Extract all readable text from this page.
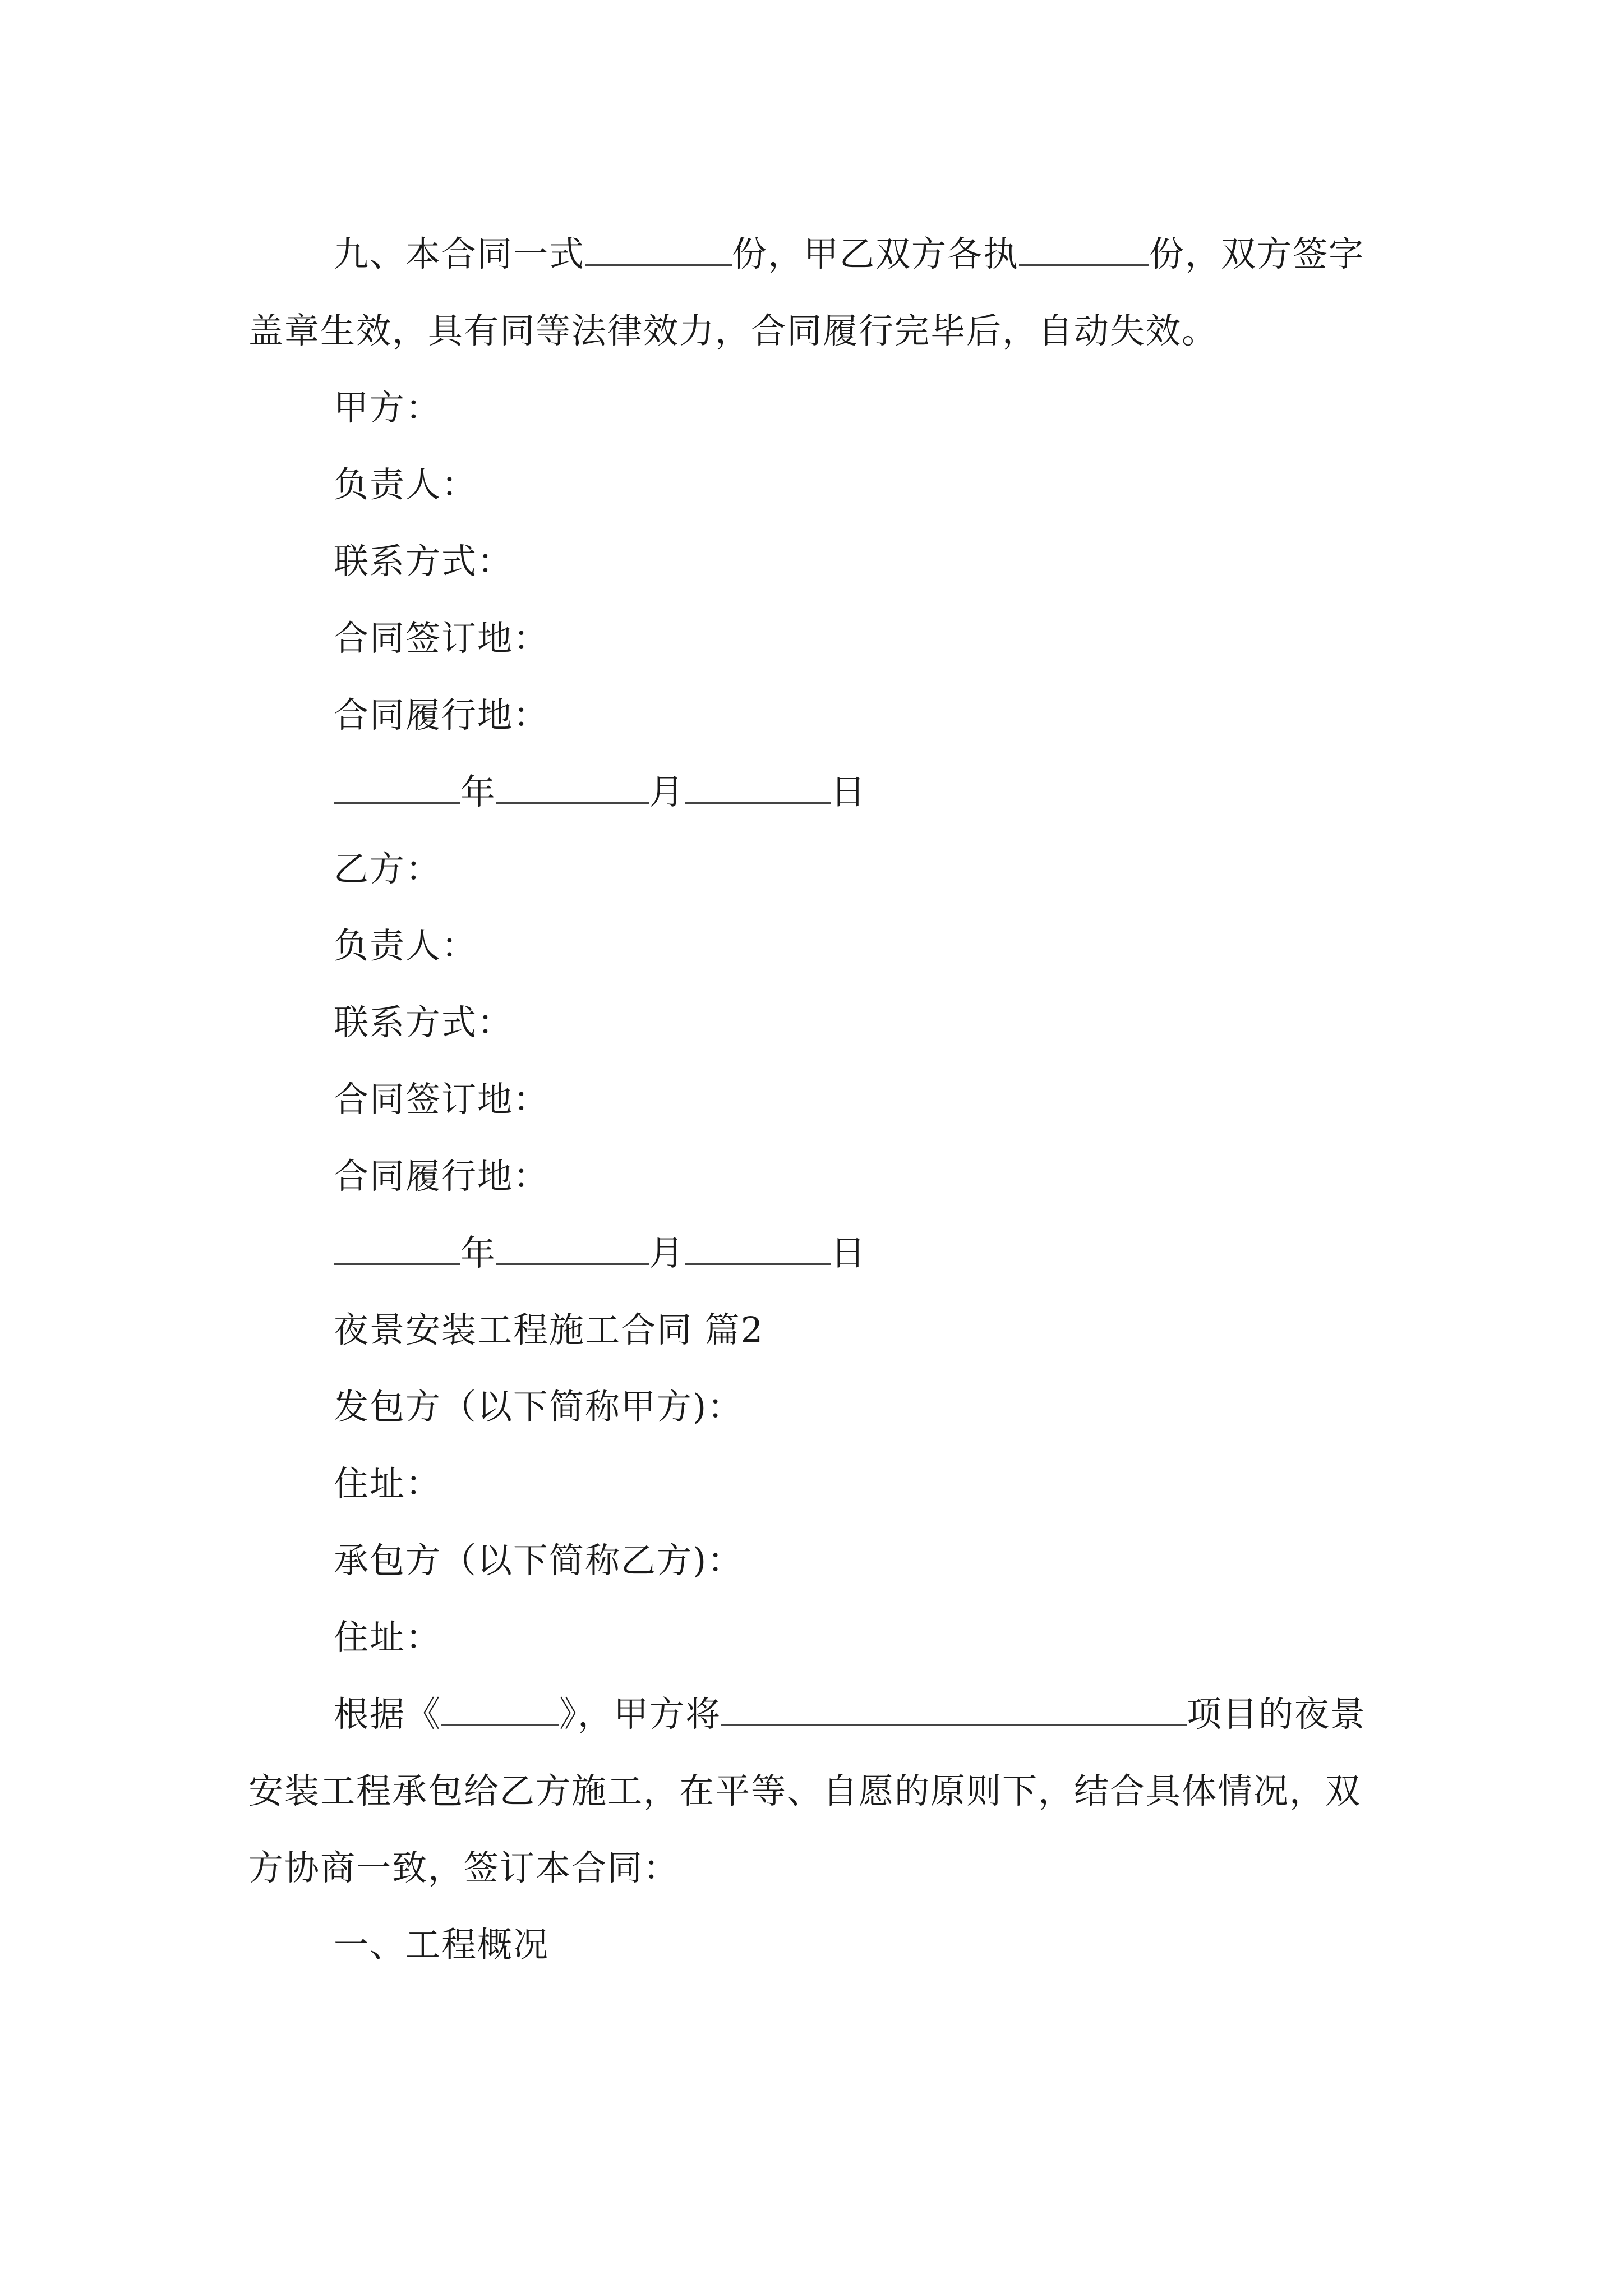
九、本合同一式	份，甲乙双方各执	份，双方签字盖章生效，具有同等法律效力，合同履行完毕后，自动失效。

甲方：

负责人：

联系方式：

合同签订地：

合同履行地：

年	月	日

乙方：

负责人：

联系方式：

合同签订地：

合同履行地：

年	月	日

夜景安装工程施工合同 篇2

发包方（以下简称甲方)：

住址：

承包方（以下简称乙方)：

住址：

根据《	》，甲方将	项目的夜景安装工程承包给乙方施工，在平等、自愿的原则下，结合具体情况，双方协商一致，签订本合同：

一、工程概况
